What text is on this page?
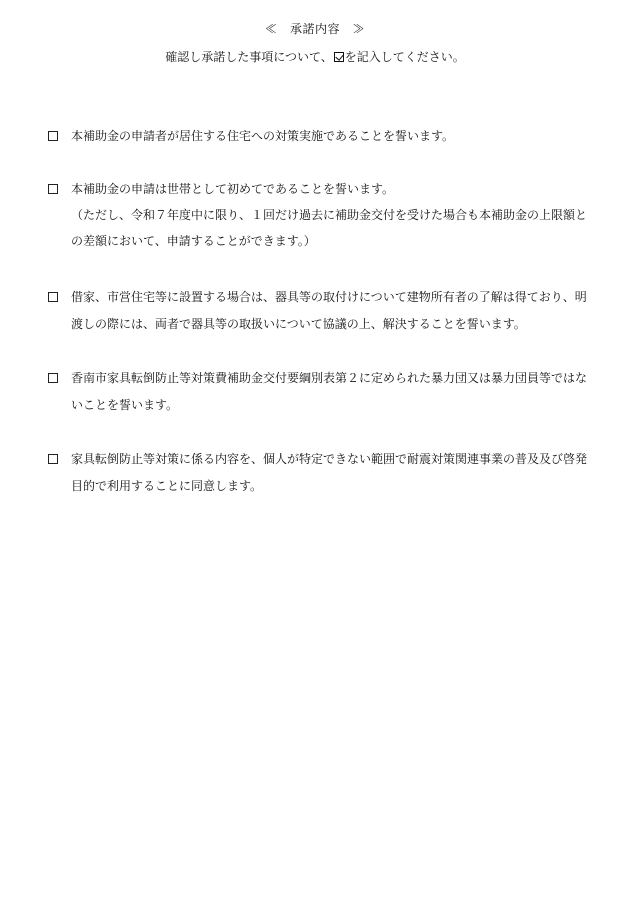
≪　承諾内容　≫
確認し承諾した事項について、 を記入してください。
本補助金の申請者が居住する住宅への対策実施であることを誓います。
本補助金の申請は世帯として初めてであることを誓います。
（ただし、令和７年度中に限り、１回だけ過去に補助金交付を受けた場合も本補助金の上限額と
の差額において、申請することができます。）
借家、市営住宅等に設置する場合は、器具等の取付けについて建物所有者の了解は得ており、明
渡しの際には、両者で器具等の取扱いについて協議の上、解決することを誓います。
香南市家具転倒防止等対策費補助金交付要綱別表第２に定められた暴力団又は暴力団員等ではな
いことを誓います。
家具転倒防止等対策に係る内容を、個人が特定できない範囲で耐震対策関連事業の普及及び啓発
目的で利用することに同意します。
